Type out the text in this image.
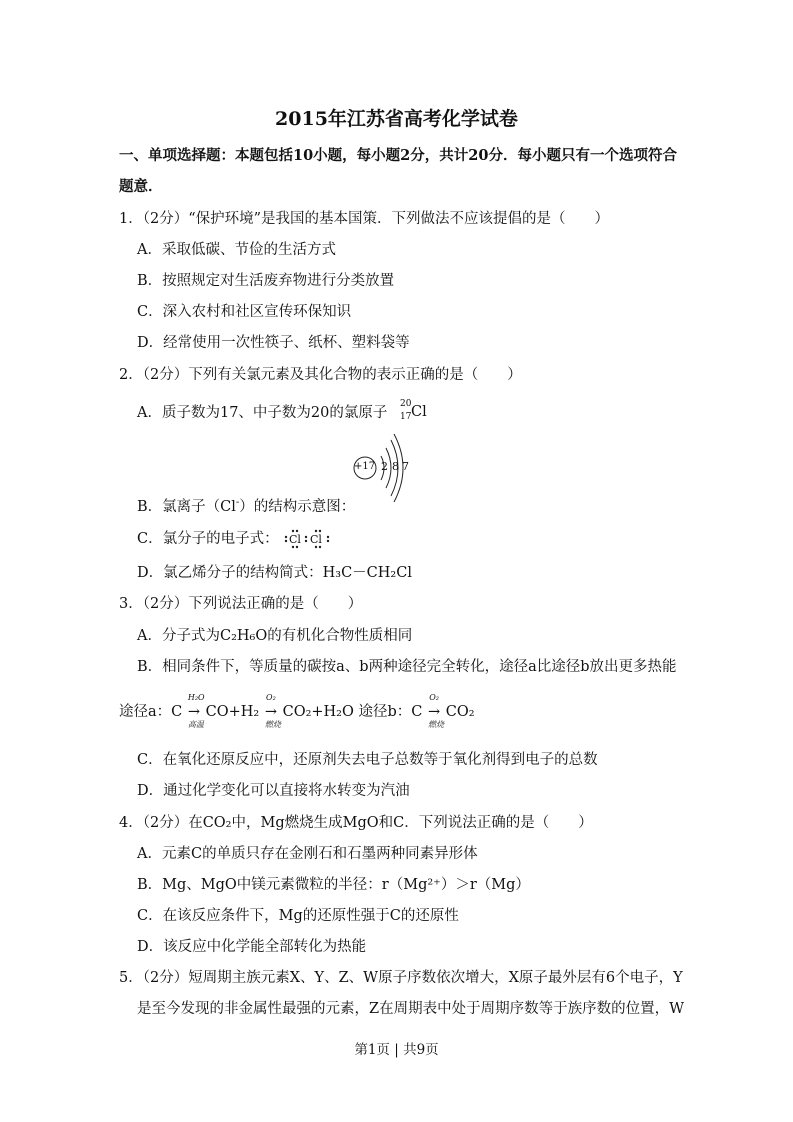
2015年江苏省高考化学试卷
一、单项选择题：本题包括10小题，每小题2分，共计20分．每小题只有一个选项符合
题意．
1．（2分）“保护环境”是我国的基本国策．下列做法不应该提倡的是（　　）
A．采取低碳、节俭的生活方式
B．按照规定对生活废弃物进行分类放置
C．深入农村和社区宣传环保知识
D．经常使用一次性筷子、纸杯、塑料袋等
2．（2分）下列有关氯元素及其化合物的表示正确的是（　　）
A．质子数为17、中子数为20的氯原子
20
17 Cl
+17 2 8 7
B．氯离子（Cl-）的结构示意图：
C．氯分子的电子式： Cl Cl
D．氯乙烯分子的结构简式：H₃C－CH₂Cl
3．（2分）下列说法正确的是（　　）
A．分子式为C₂H₆O的有机化合物性质相同
B．相同条件下，等质量的碳按a、b两种途径完全转化，途径a比途径b放出更多热能
途径a：C
H₂O
→
高温
CO+H₂
O₂
→
燃烧
CO₂+H₂O 途径b：C
O₂
→
燃烧
CO₂
C．在氧化还原反应中，还原剂失去电子总数等于氧化剂得到电子的总数
D．通过化学变化可以直接将水转变为汽油
4．（2分）在CO₂中，Mg燃烧生成MgO和C．下列说法正确的是（　　）
A．元素C的单质只存在金刚石和石墨两种同素异形体
B．Mg、MgO中镁元素微粒的半径：r（Mg²⁺）＞r（Mg）
C．在该反应条件下，Mg的还原性强于C的还原性
D．该反应中化学能全部转化为热能
5．（2分）短周期主族元素X、Y、Z、W原子序数依次增大，X原子最外层有6个电子，Y
是至今发现的非金属性最强的元素，Z在周期表中处于周期序数等于族序数的位置，W
第1页 | 共9页
